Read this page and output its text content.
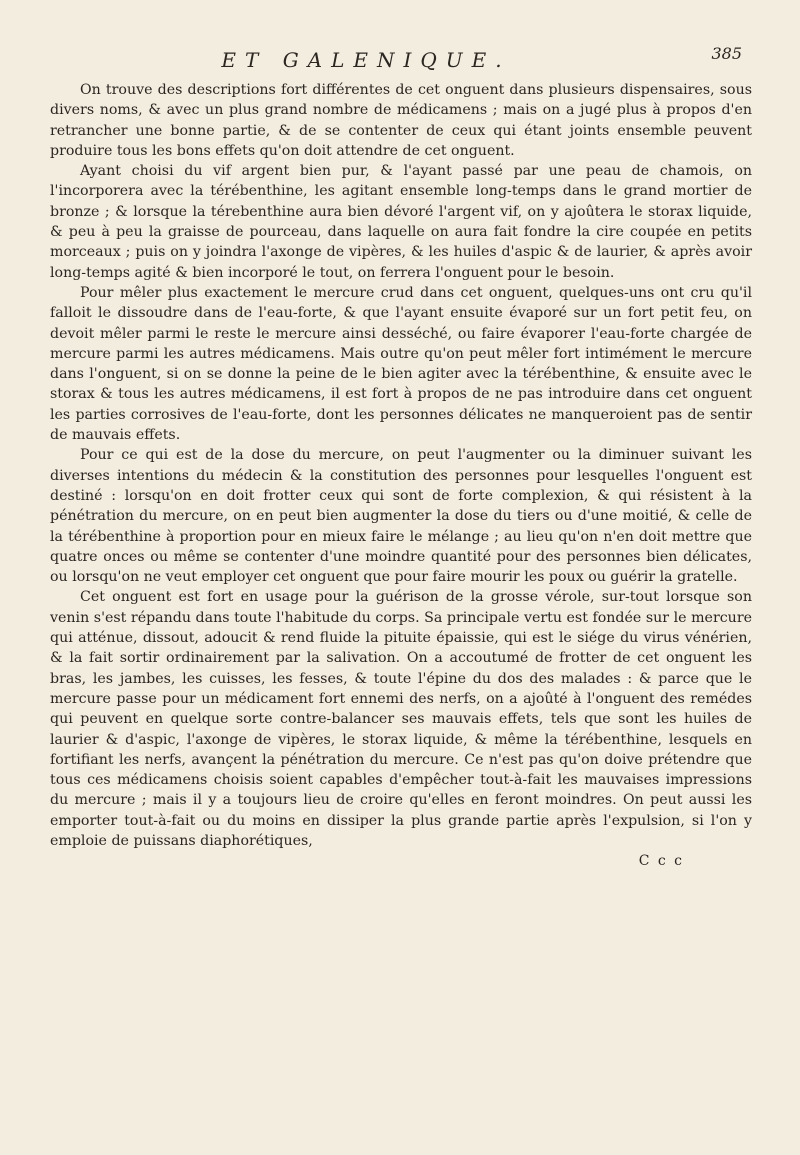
ET GALENIQUE.	385

On trouve des descriptions fort différentes de cet onguent dans plusieurs dispensaires, sous divers noms, & avec un plus grand nombre de médicamens ; mais on a jugé plus à propos d'en retrancher une bonne partie, & de se contenter de ceux qui étant joints ensemble peuvent produire tous les bons effets qu'on doit attendre de cet onguent.

Ayant choisi du vif argent bien pur, & l'ayant passé par une peau de chamois, on l'incorporera avec la térébenthine, les agitant ensemble long-temps dans le grand mortier de bronze ; & lorsque la térebenthine aura bien dévoré l'argent vif, on y ajoûtera le storax liquide, & peu à peu la graisse de pourceau, dans laquelle on aura fait fondre la cire coupée en petits morceaux ; puis on y joindra l'axonge de vipères, & les huiles d'aspic & de laurier, & après avoir long-temps agité & bien incorporé le tout, on ferrera l'onguent pour le besoin.

Pour mêler plus exactement le mercure crud dans cet onguent, quelques-uns ont cru qu'il falloit le dissoudre dans de l'eau-forte, & que l'ayant ensuite évaporé sur un fort petit feu, on devoit mêler parmi le reste le mercure ainsi desséché, ou faire évaporer l'eau-forte chargée de mercure parmi les autres médicamens. Mais outre qu'on peut mêler fort intimément le mercure dans l'onguent, si on se donne la peine de le bien agiter avec la térébenthine, & ensuite avec le storax & tous les autres médicamens, il est fort à propos de ne pas introduire dans cet onguent les parties corrosives de l'eau-forte, dont les personnes délicates ne manqueroient pas de sentir de mauvais effets.

Pour ce qui est de la dose du mercure, on peut l'augmenter ou la diminuer suivant les diverses intentions du médecin & la constitution des personnes pour lesquelles l'onguent est destiné : lorsqu'on en doit frotter ceux qui sont de forte complexion, & qui résistent à la pénétration du mercure, on en peut bien augmenter la dose du tiers ou d'une moitié, & celle de la térébenthine à proportion pour en mieux faire le mélange ; au lieu qu'on n'en doit mettre que quatre onces ou même se contenter d'une moindre quantité pour des personnes bien délicates, ou lorsqu'on ne veut employer cet onguent que pour faire mourir les poux ou guérir la gratelle.

Cet onguent est fort en usage pour la guérison de la grosse vérole, sur-tout lorsque son venin s'est répandu dans toute l'habitude du corps. Sa principale vertu est fondée sur le mercure qui atténue, dissout, adoucit & rend fluide la pituite épaissie, qui est le siége du virus vénérien, & la fait sortir ordinairement par la salivation. On a accoutumé de frotter de cet onguent les bras, les jambes, les cuisses, les fesses, & toute l'épine du dos des malades : & parce que le mercure passe pour un médicament fort ennemi des nerfs, on a ajoûté à l'onguent des remédes qui peuvent en quelque sorte contre-balancer ses mauvais effets, tels que sont les huiles de laurier & d'aspic, l'axonge de vipères, le storax liquide, & même la térébenthine, lesquels en fortifiant les nerfs, avançent la pénétration du mercure. Ce n'est pas qu'on doive prétendre que tous ces médicamens choisis soient capables d'empêcher tout-à-fait les mauvaises impressions du mercure ; mais il y a toujours lieu de croire qu'elles en feront moindres. On peut aussi les emporter tout-à-fait ou du moins en dissiper la plus grande partie après l'expulsion, si l'on y emploie de puissans diaphorétiques,

C c c
